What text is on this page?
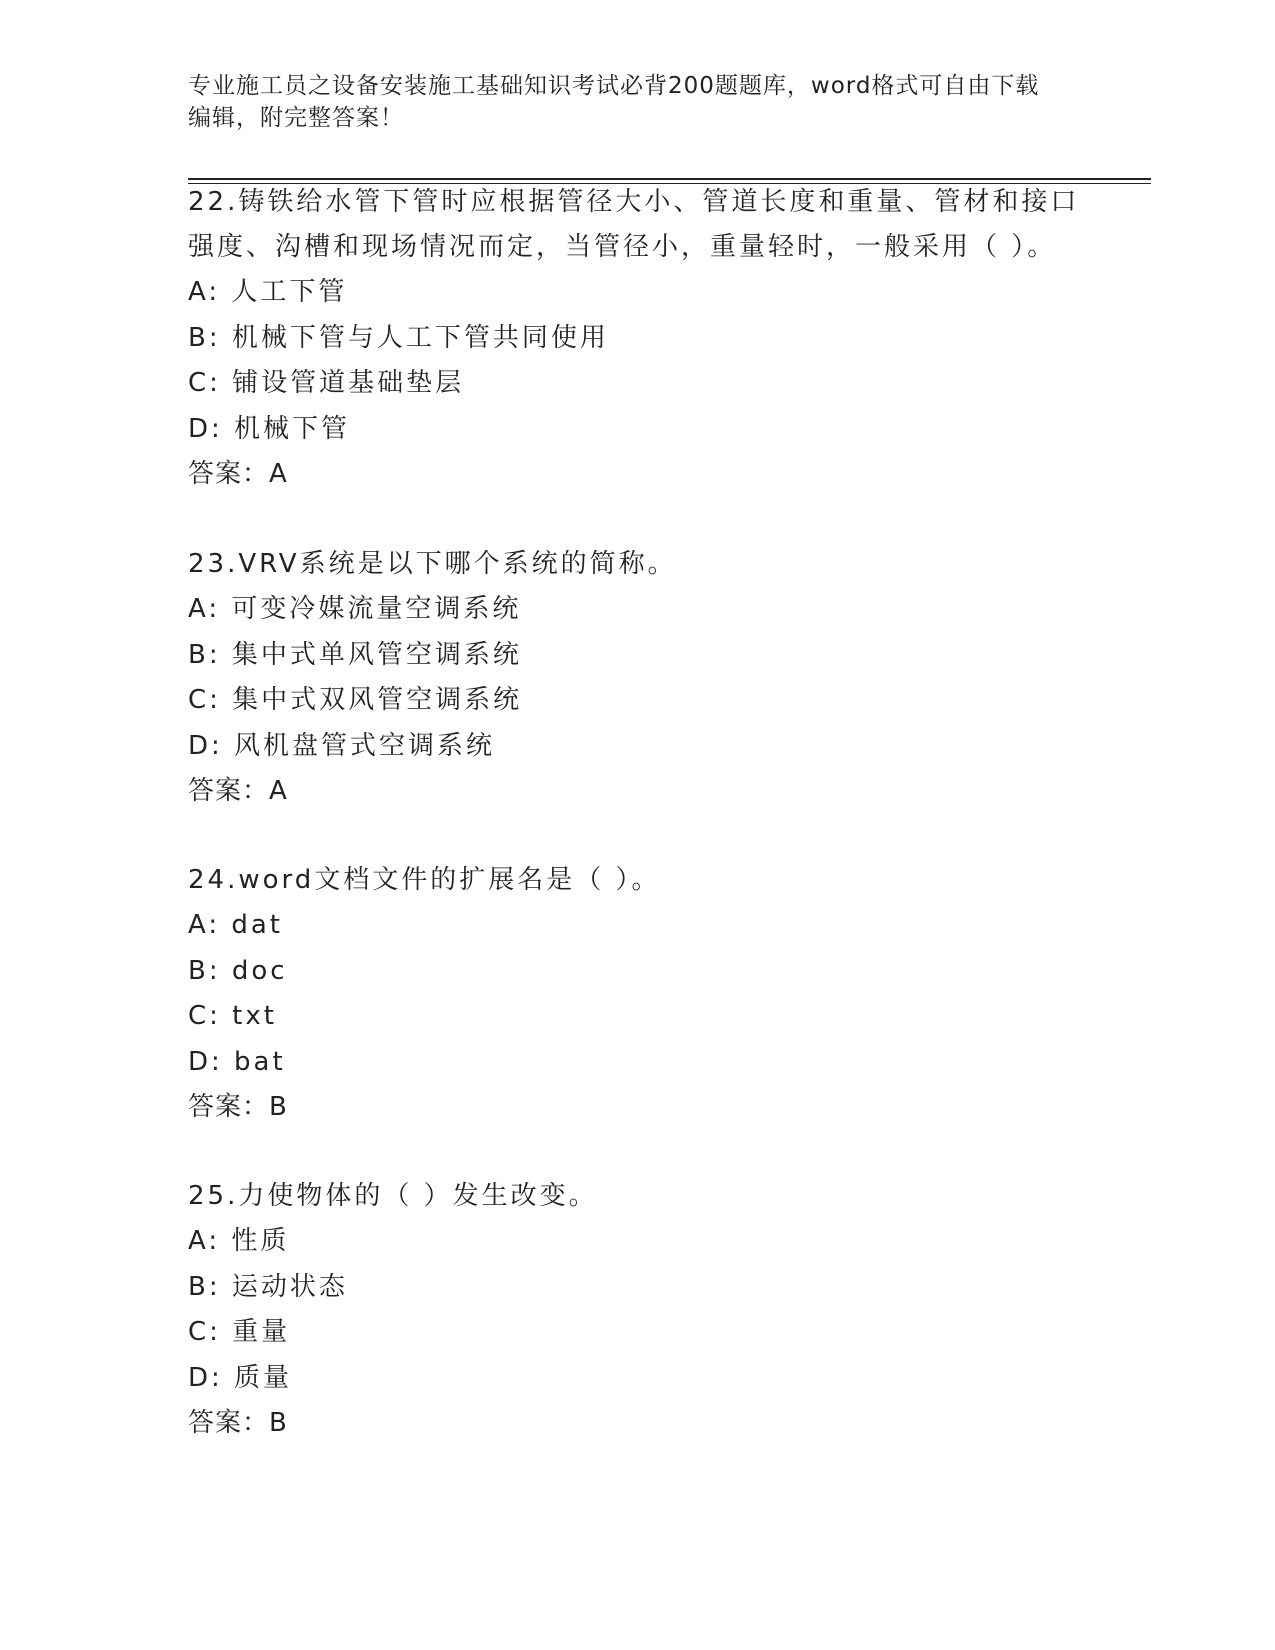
专业施工员之设备安装施工基础知识考试必背200题题库，word格式可自由下载
编辑，附完整答案！
22.铸铁给水管下管时应根据管径大小、管道长度和重量、管材和接口
强度、沟槽和现场情况而定，当管径小，重量轻时，一般采用（ ）。
A: 人工下管
B: 机械下管与人工下管共同使用
C: 铺设管道基础垫层
D: 机械下管
答案：A
23.VRV系统是以下哪个系统的简称。
A: 可变冷媒流量空调系统
B: 集中式单风管空调系统
C: 集中式双风管空调系统
D: 风机盘管式空调系统
答案：A
24.word文档文件的扩展名是（ ）。
A: dat
B: doc
C: txt
D: bat
答案：B
25.力使物体的（ ）发生改变。
A: 性质
B: 运动状态
C: 重量
D: 质量
答案：B
